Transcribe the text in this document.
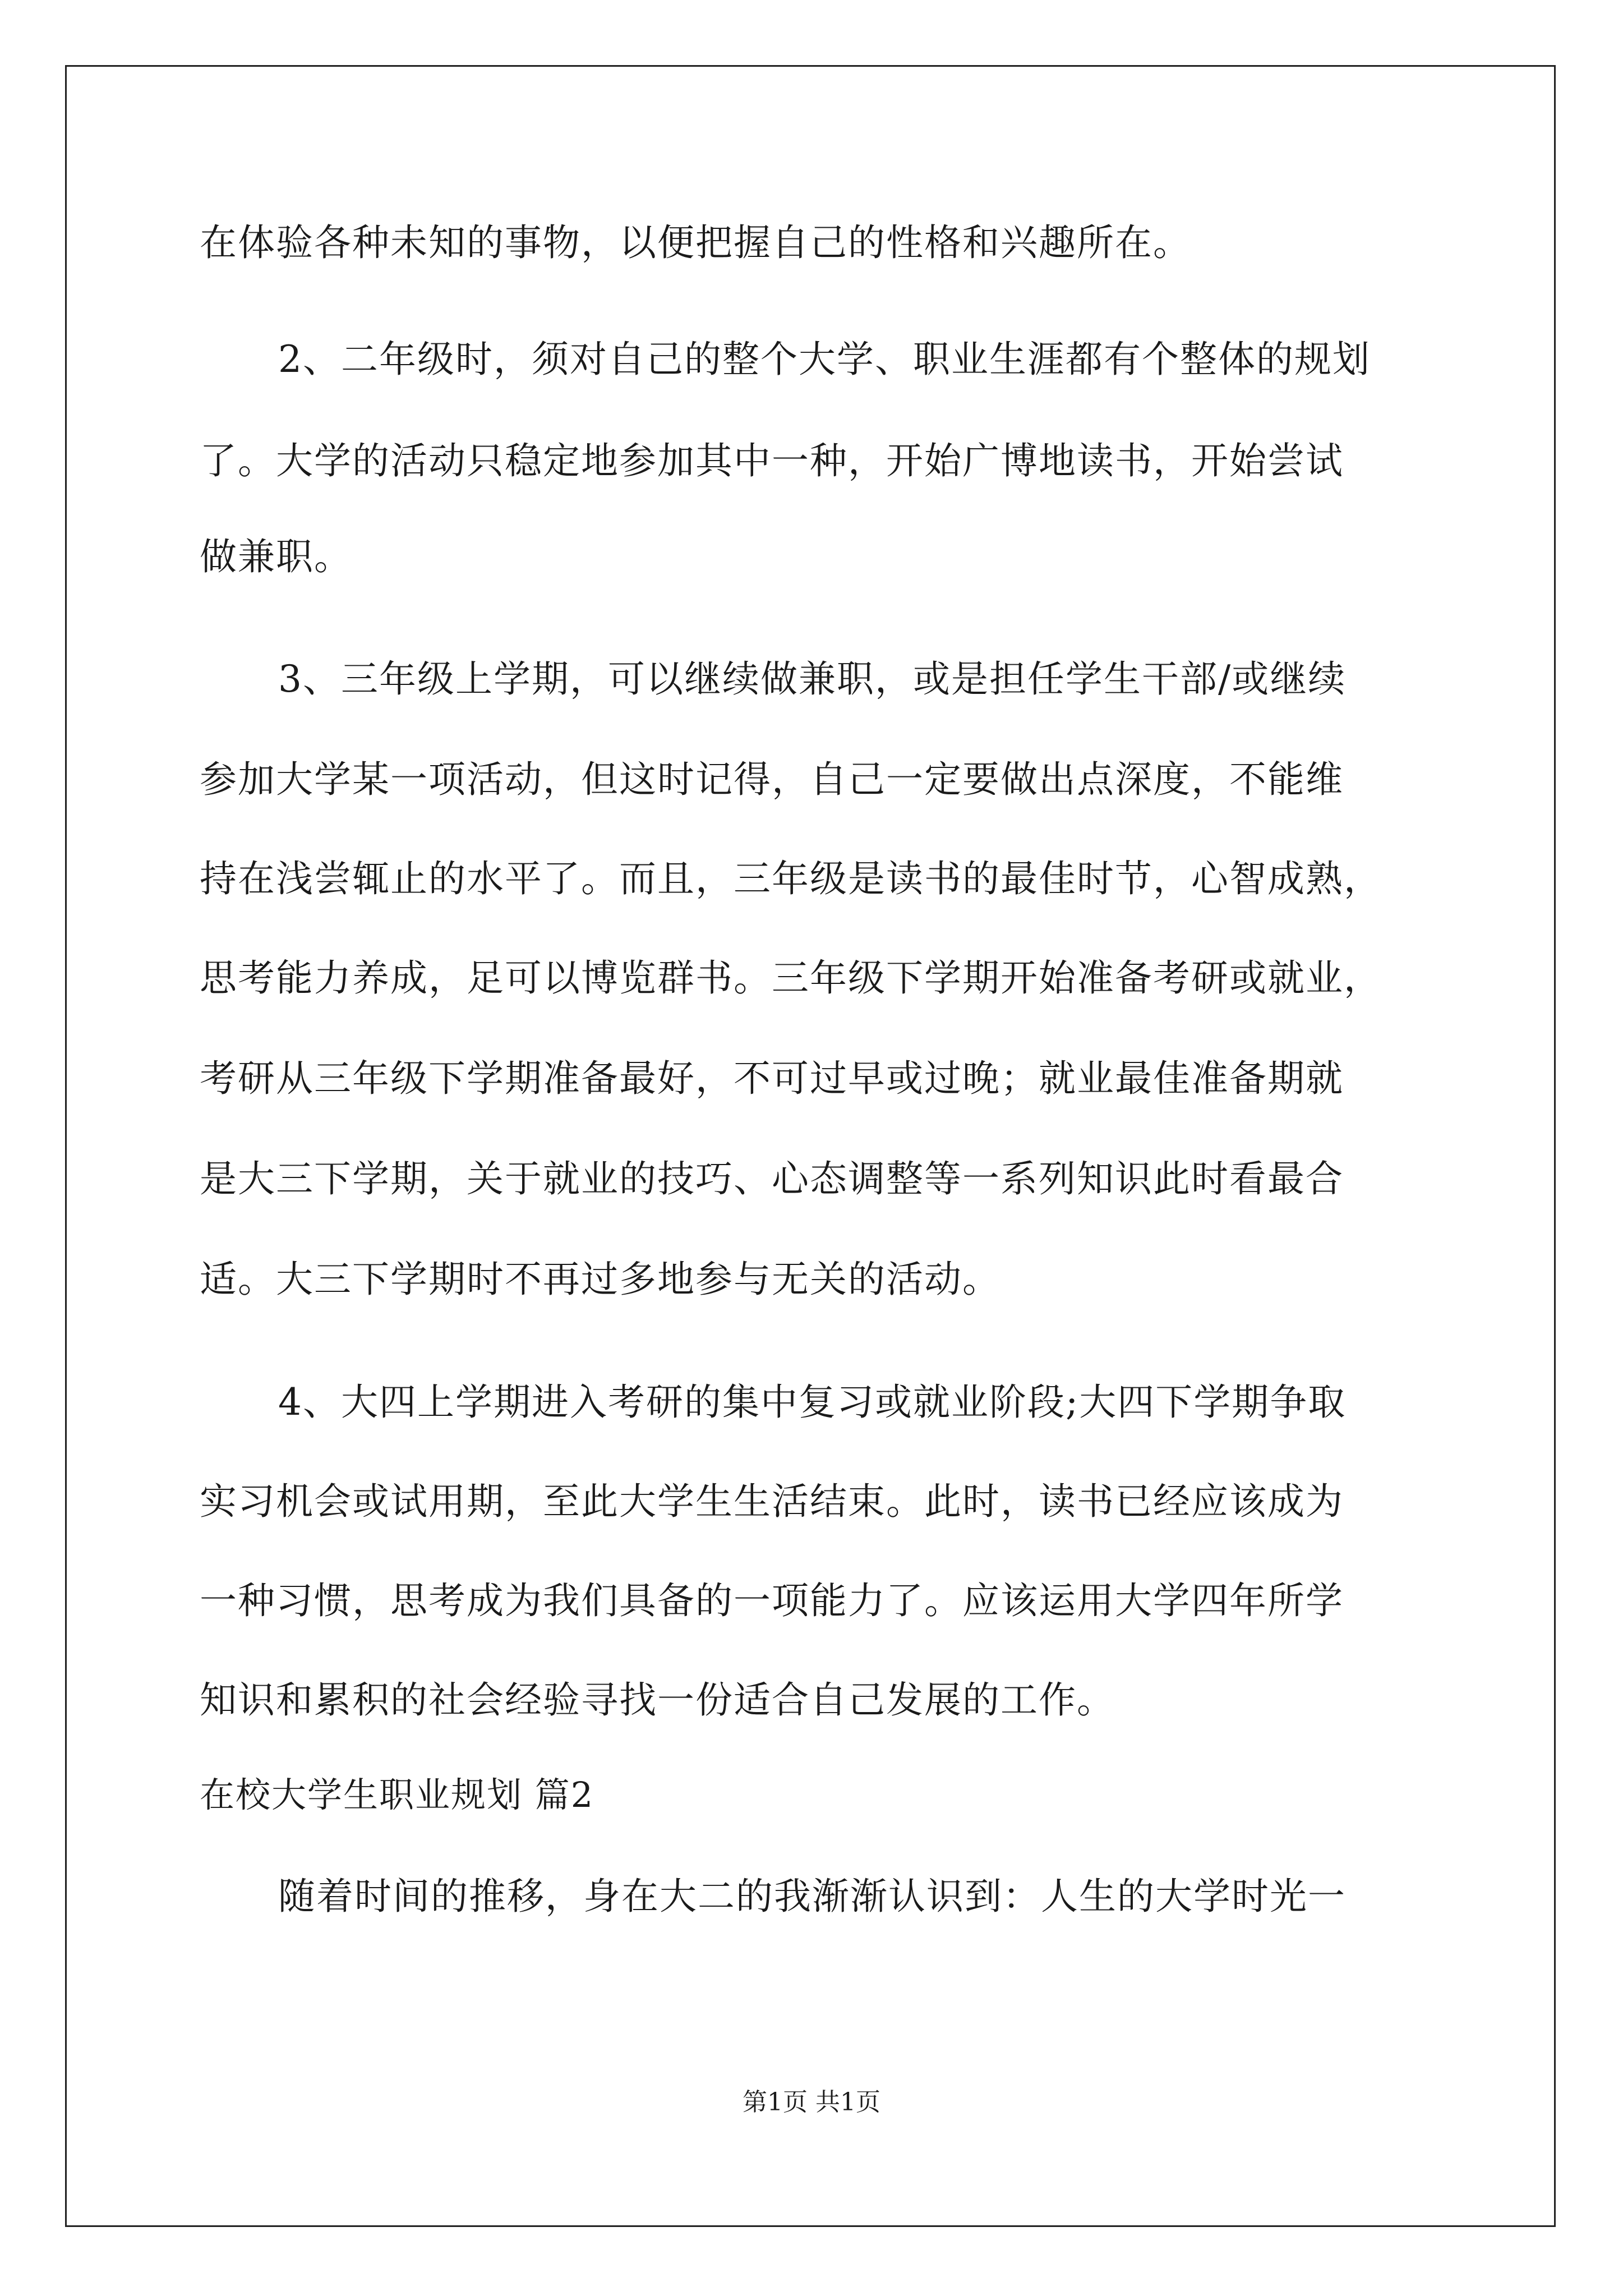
在体验各种未知的事物，以便把握自己的性格和兴趣所在。
2、二年级时，须对自己的整个大学、职业生涯都有个整体的规划
了。大学的活动只稳定地参加其中一种，开始广博地读书，开始尝试
做兼职。
3、三年级上学期，可以继续做兼职，或是担任学生干部/或继续
参加大学某一项活动，但这时记得，自己一定要做出点深度，不能维
持在浅尝辄止的水平了。而且，三年级是读书的最佳时节，心智成熟，
思考能力养成，足可以博览群书。三年级下学期开始准备考研或就业，
考研从三年级下学期准备最好，不可过早或过晚；就业最佳准备期就
是大三下学期，关于就业的技巧、心态调整等一系列知识此时看最合
适。大三下学期时不再过多地参与无关的活动。
4、大四上学期进入考研的集中复习或就业阶段;大四下学期争取
实习机会或试用期，至此大学生生活结束。此时，读书已经应该成为
一种习惯，思考成为我们具备的一项能力了。应该运用大学四年所学
知识和累积的社会经验寻找一份适合自己发展的工作。
在校大学生职业规划 篇2
随着时间的推移，身在大二的我渐渐认识到：人生的大学时光一
第1页 共1页
